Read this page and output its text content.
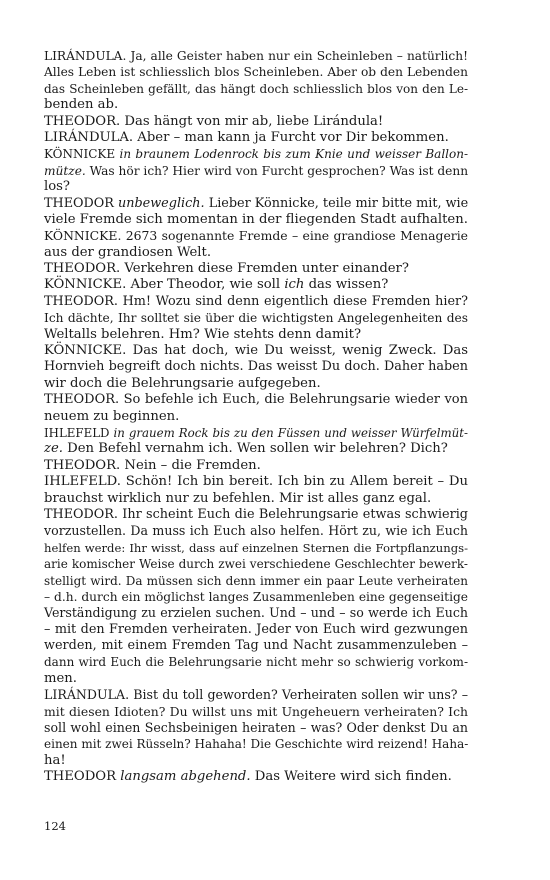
LIRÁNDULA. Ja, alle Geister haben nur ein Scheinleben – natürlich!
Alles Leben ist schliesslich blos Scheinleben. Aber ob den Lebenden
das Scheinleben gefällt, das hängt doch schliesslich blos von den Le-
benden ab.
THEODOR. Das hängt von mir ab, liebe Lirándula!
LIRÁNDULA. Aber – man kann ja Furcht vor Dir bekommen.
KÖNNICKE in braunem Lodenrock bis zum Knie und weisser Ballon-
mütze. Was hör ich? Hier wird von Furcht gesprochen? Was ist denn
los?
THEODOR unbeweglich. Lieber Könnicke, teile mir bitte mit, wie
viele Fremde sich momentan in der fliegenden Stadt aufhalten.
KÖNNICKE. 2673 sogenannte Fremde – eine grandiose Menagerie
aus der grandiosen Welt.
THEODOR. Verkehren diese Fremden unter einander?
KÖNNICKE. Aber Theodor, wie soll ich das wissen?
THEODOR. Hm! Wozu sind denn eigentlich diese Fremden hier?
Ich dächte, Ihr solltet sie über die wichtigsten Angelegenheiten des
Weltalls belehren. Hm? Wie stehts denn damit?
KÖNNICKE. Das hat doch, wie Du weisst, wenig Zweck. Das
Hornvieh begreift doch nichts. Das weisst Du doch. Daher haben
wir doch die Belehrungsarie aufgegeben.
THEODOR. So befehle ich Euch, die Belehrungsarie wieder von
neuem zu beginnen.
IHLEFELD in grauem Rock bis zu den Füssen und weisser Würfelmüt-
ze. Den Befehl vernahm ich. Wen sollen wir belehren? Dich?
THEODOR. Nein – die Fremden.
IHLEFELD. Schön! Ich bin bereit. Ich bin zu Allem bereit – Du
brauchst wirklich nur zu befehlen. Mir ist alles ganz egal.
THEODOR. Ihr scheint Euch die Belehrungsarie etwas schwierig
vorzustellen. Da muss ich Euch also helfen. Hört zu, wie ich Euch
helfen werde: Ihr wisst, dass auf einzelnen Sternen die Fortpflanzungs-
arie komischer Weise durch zwei verschiedene Geschlechter bewerk-
stelligt wird. Da müssen sich denn immer ein paar Leute verheiraten
– d.h. durch ein möglichst langes Zusammenleben eine gegenseitige
Verständigung zu erzielen suchen. Und – und – so werde ich Euch
– mit den Fremden verheiraten. Jeder von Euch wird gezwungen
werden, mit einem Fremden Tag und Nacht zusammenzuleben –
dann wird Euch die Belehrungsarie nicht mehr so schwierig vorkom-
men.
LIRÁNDULA. Bist du toll geworden? Verheiraten sollen wir uns? –
mit diesen Idioten? Du willst uns mit Ungeheuern verheiraten? Ich
soll wohl einen Sechsbeinigen heiraten – was? Oder denkst Du an
einen mit zwei Rüsseln? Hahaha! Die Geschichte wird reizend! Haha-
ha!
THEODOR langsam abgehend. Das Weitere wird sich finden.
124
